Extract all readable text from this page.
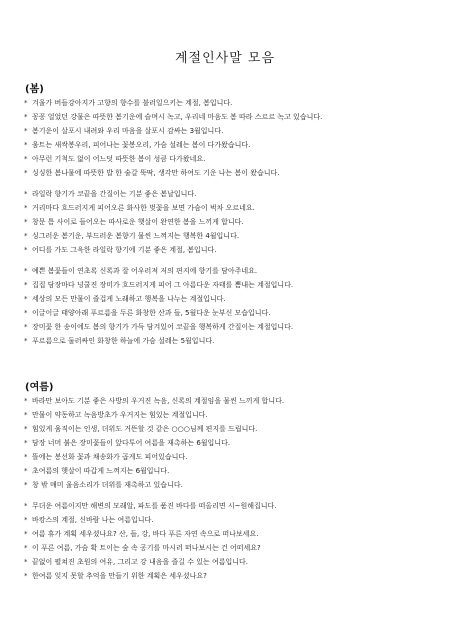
계절인사말 모음
(봄)
* 겨울가 버들강아지가 고향의 향수를 불러일으키는 계절, 봄입니다.
* 꽁꽁 얼었던 강물은 따뜻한 봄기운에 슬며시 녹고, 우리네 마음도 봄 따라 스르르 녹고 있습니다.
* 봄기운이 살포시 내려와 우리 마음을 살포시 감싸는 3월입니다.
* 움트는 새싹봉우리, 피어나는 꽃봉오리, 가슴 설레는 봄이 다가왔습니다.
* 아무런 기척도 없이 어느덧 따뜻한 봄이 성큼 다가왔네요.
* 싱싱한 봄나물에 따뜻한 밥 한 술갈 뚝딱, 생각만 하여도 기운 나는 봄이 왔습니다.
* 라일락 향기가 코끝을 간질이는 기분 좋은 봄날입니다.
* 거리마다 흐드러지게 피어오른 화사한 벚꽃을 보면 가슴이 벅차 오르네요.
* 창문 틈 사이로 들어오는 따사로운 햇살이 완연한 봄을 느끼게 합니다.
* 싱그러운 봄기운, 부드러운 봄향기 물씬 느껴지는 행복한 4월입니다.
* 어디를 가도 그윽한 라일락 향기에 기분 좋은 계절, 봄입니다.
* 예쁜 봄꽃들이 연초록 신록과 잘 어우러져 저의 편지에 향기를 담아주네요.
* 집집 담장마다 넝쿨진 장미가 흐드러지게 피어 그 아름다운 자태를 뽐내는 계절입니다.
* 세상의 모든 만물이 즐겁게 노래하고 행복을 나누는 계절입니다.
* 이글이글 태양아래 푸르름을 두른 화창한 산과 들, 5월다운 눈부신 모습입니다.
* 장미꽃 한 송이에도 봄의 향기가 가득 담겨있어 코끝을 행복하게 간질이는 계절입니다.
* 푸르름으로 둘러싸인 화창한 하늘에 가슴 설레는 5월입니다.
(여름)
* 바라만 보아도 기분 좋은 사방의 우거진 녹음, 신록의 계절임을 물씬 느끼게 합니다.
* 만물이 약동하고 녹음방초가 우거지는 힘있는 계절입니다.
* 힘있게 움직이는 인생, 더위도 거뜬할 것 같은 ○○○님께 편지를 드립니다.
* 담장 너머 붉은 장미꽃들이 앞다투어 여름을 재촉하는 6월입니다.
* 뜰에는 봉선화 꽃과 채송화가 곱게도 피어있습니다.
* 초여름의 햇살이 따갑게 느껴지는 6월입니다.
* 창 밖 매미 울음소리가 더위를 재촉하고 있습니다.
* 무더운 여름이지만 해변의 모래알, 파도를 품진 바다를 떠올리면 시~원해집니다.
* 바캉스의 계절, 신바람 나는 여름입니다.
* 여름 휴가 계획 세우셨나요? 산, 들, 강, 바다 푸른 자연 속으로 떠나보세요.
* 이 푸른 여름, 가슴 확 트이는 숲 속 공기를 마시러 떠나보시는 건 어떠세요?
* 끝없이 펼쳐진 초원의 여유, 그리고 강 내음을 즐길 수 있는 여름입니다.
* 한여름 잊지 못할 추억을 만들기 위한 계획은 세우셨나요?
